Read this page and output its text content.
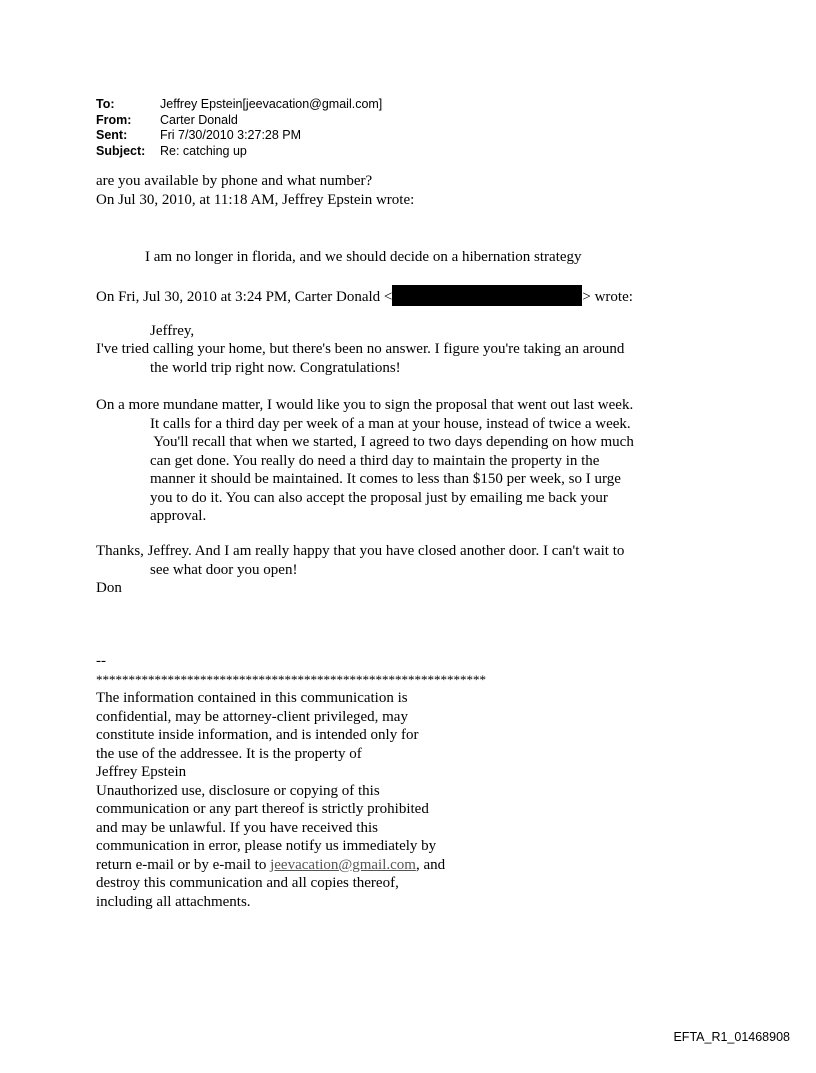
To:	Jeffrey Epstein[jeevacation@gmail.com]
From:	Carter Donald
Sent:	Fri 7/30/2010 3:27:28 PM
Subject:	Re: catching up
are you available by phone and what number?
On Jul 30, 2010, at 11:18 AM, Jeffrey Epstein wrote:
I am no longer in florida, and we should decide on a hibernation strategy
On Fri, Jul 30, 2010 at 3:24 PM, Carter Donald <	> wrote:
Jeffrey,
I've tried calling your home, but there's been no answer. I figure you're taking an around
the world trip right now. Congratulations!
On a more mundane matter, I would like you to sign the proposal that went out last week.
It calls for a third day per week of a man at your house, instead of twice a week.
You'll recall that when we started, I agreed to two days depending on how much
can get done. You really do need a third day to maintain the property in the
manner it should be maintained. It comes to less than $150 per week, so I urge
you to do it. You can also accept the proposal just by emailing me back your
approval.
Thanks, Jeffrey. And I am really happy that you have closed another door. I can't wait to
see what door you open!
Don
--
************************************************************
The information contained in this communication is
confidential, may be attorney-client privileged, may
constitute inside information, and is intended only for
the use of the addressee. It is the property of
Jeffrey Epstein
Unauthorized use, disclosure or copying of this
communication or any part thereof is strictly prohibited
and may be unlawful. If you have received this
communication in error, please notify us immediately by
return e-mail or by e-mail to jeevacation@gmail.com, and
destroy this communication and all copies thereof,
including all attachments.
EFTA_R1_01468908
